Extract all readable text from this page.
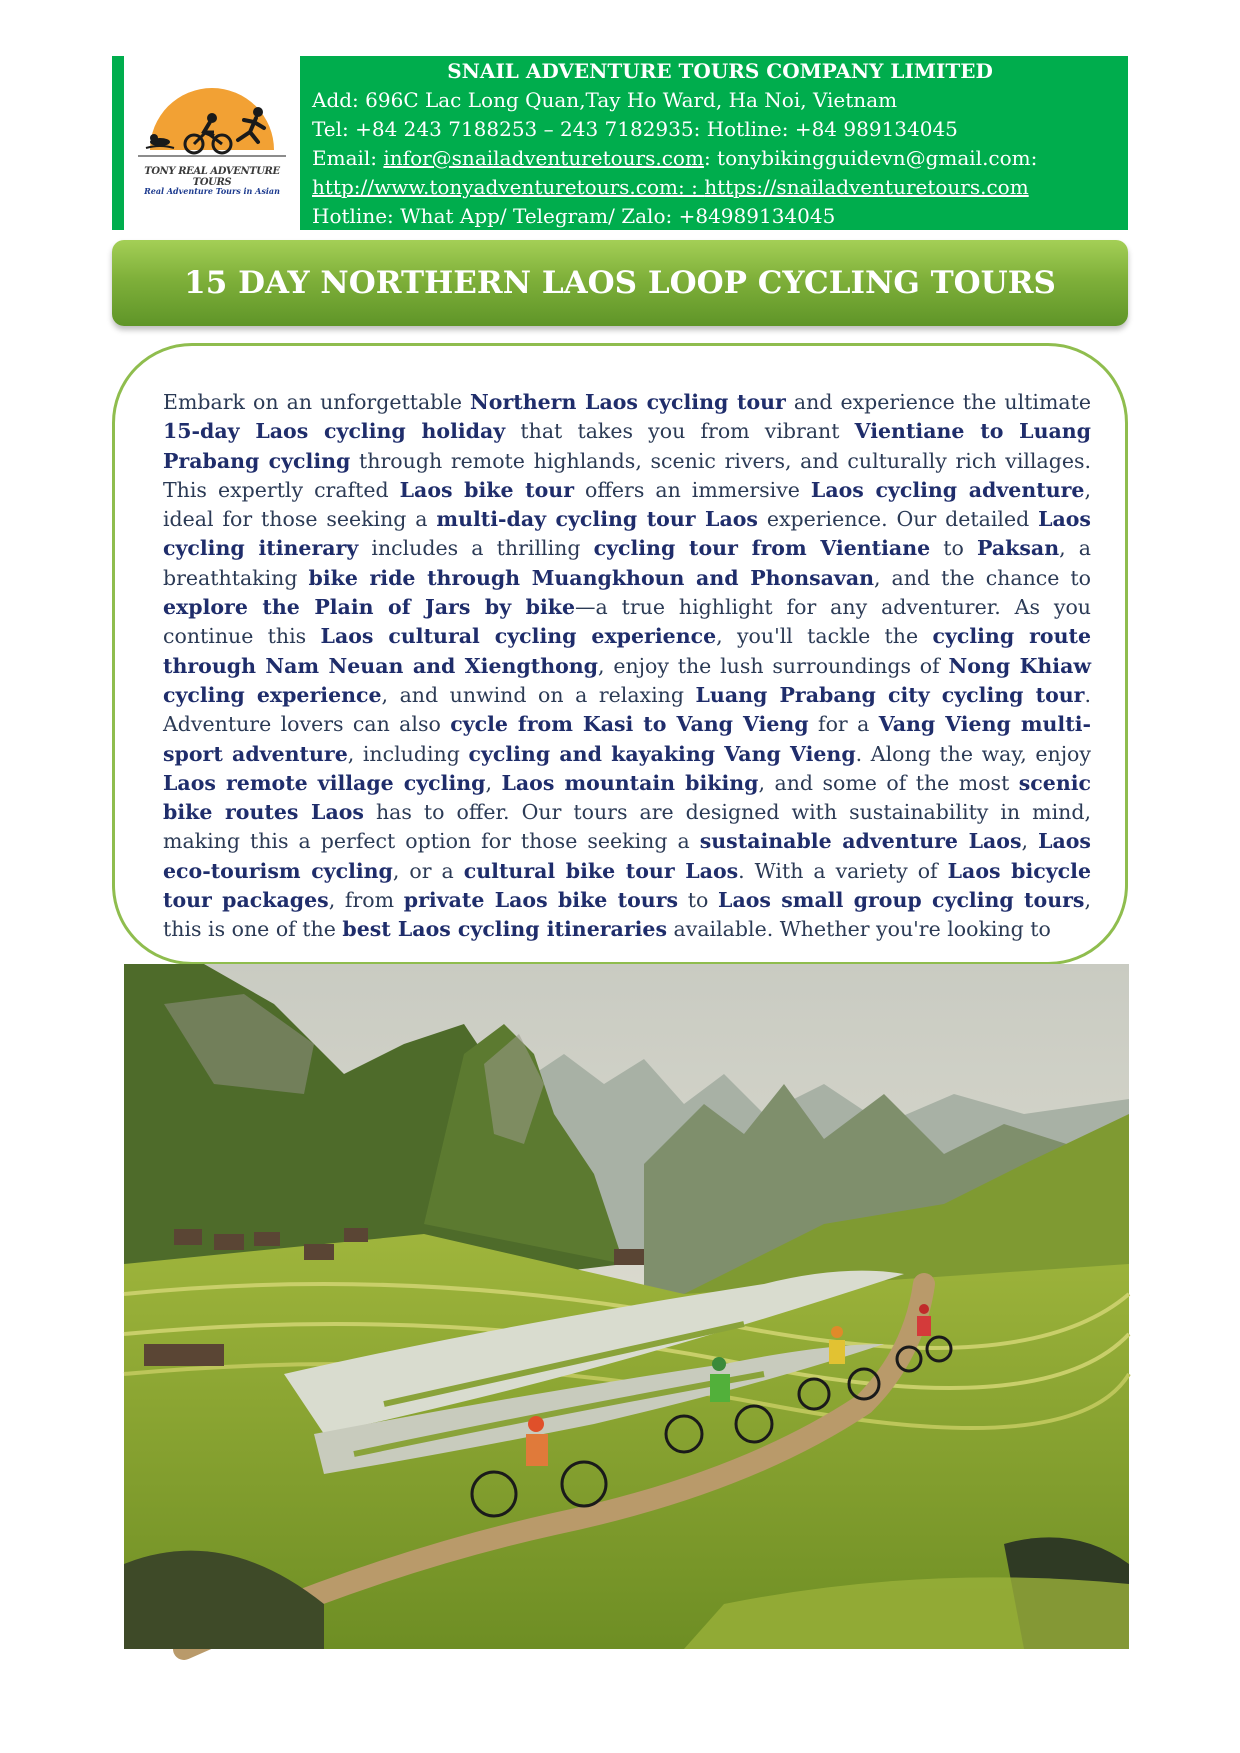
TONY REAL ADVENTURE TOURS
Real Adventure Tours in Asian
SNAIL ADVENTURE TOURS COMPANY LIMITED
Add: 696C Lac Long Quan,Tay Ho Ward, Ha Noi, Vietnam
Tel: +84 243 7188253 – 243 7182935: Hotline: +84 989134045
Email: infor@snailadventuretours.com: tonybikingguidevn@gmail.com:
http://www.tonyadventuretours.com: : https://snailadventuretours.com
Hotline: What App/ Telegram/ Zalo: +84989134045
15 DAY NORTHERN LAOS LOOP CYCLING TOURS
Embark on an unforgettable Northern Laos cycling tour and experience the ultimate 15-day Laos cycling holiday that takes you from vibrant Vientiane to Luang Prabang cycling through remote highlands, scenic rivers, and culturally rich villages. This expertly crafted Laos bike tour offers an immersive Laos cycling adventure, ideal for those seeking a multi-day cycling tour Laos experience. Our detailed Laos cycling itinerary includes a thrilling cycling tour from Vientiane to Paksan, a breathtaking bike ride through Muangkhoun and Phonsavan, and the chance to explore the Plain of Jars by bike—a true highlight for any adventurer. As you continue this Laos cultural cycling experience, you'll tackle the cycling route through Nam Neuan and Xiengthong, enjoy the lush surroundings of Nong Khiaw cycling experience, and unwind on a relaxing Luang Prabang city cycling tour. Adventure lovers can also cycle from Kasi to Vang Vieng for a Vang Vieng multi-sport adventure, including cycling and kayaking Vang Vieng. Along the way, enjoy Laos remote village cycling, Laos mountain biking, and some of the most scenic bike routes Laos has to offer. Our tours are designed with sustainability in mind, making this a perfect option for those seeking a sustainable adventure Laos, Laos eco-tourism cycling, or a cultural bike tour Laos. With a variety of Laos bicycle tour packages, from private Laos bike tours to Laos small group cycling tours, this is one of the best Laos cycling itineraries available. Whether you're looking to
